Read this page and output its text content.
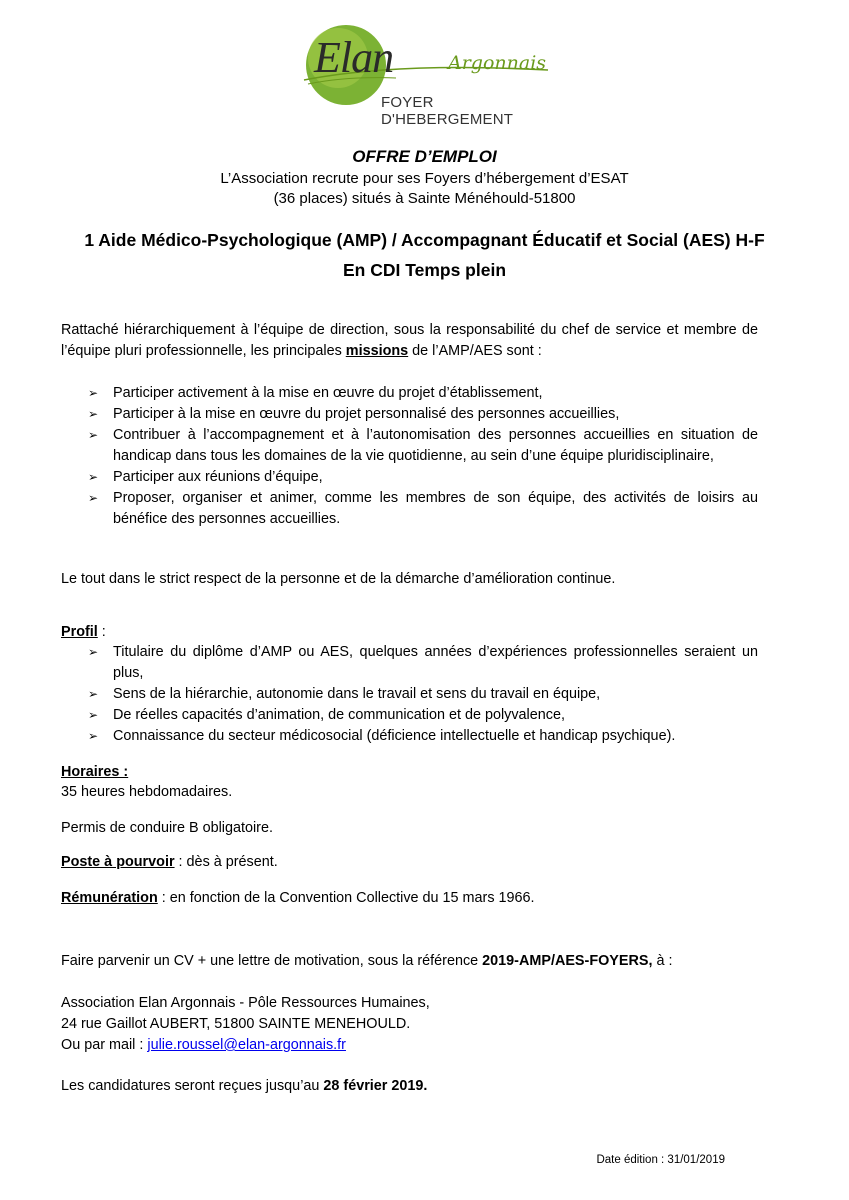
Elan	Argonnais
FOYER D'HEBERGEMENT
OFFRE D’EMPLOI
L’Association recrute pour ses Foyers d’hébergement d’ESAT
(36 places) situés à Sainte Ménéhould-51800
1 Aide Médico-Psychologique (AMP) / Accompagnant Éducatif et Social (AES) H-F
En CDI Temps plein
Rattaché hiérarchiquement à l’équipe de direction, sous la responsabilité du chef de service et membre de l’équipe pluri professionnelle, les principales missions de l’AMP/AES sont :
➢ Participer activement à la mise en œuvre du projet d’établissement,
➢ Participer à la mise en œuvre du projet personnalisé des personnes accueillies,
➢ Contribuer à l’accompagnement et à l’autonomisation des personnes accueillies en situation de handicap dans tous les domaines de la vie quotidienne, au sein d’une équipe pluridisciplinaire,
➢ Participer aux réunions d’équipe,
➢ Proposer, organiser et animer, comme les membres de son équipe, des activités de loisirs au bénéfice des personnes accueillies.
Le tout dans le strict respect de la personne et de la démarche d’amélioration continue.
Profil :
➢ Titulaire du diplôme d’AMP ou AES, quelques années d’expériences professionnelles seraient un plus,
➢ Sens de la hiérarchie, autonomie dans le travail et sens du travail en équipe,
➢ De réelles capacités d’animation, de communication et de polyvalence,
➢ Connaissance du secteur médicosocial (déficience intellectuelle et handicap psychique).
Horaires :
35 heures hebdomadaires.
Permis de conduire B obligatoire.
Poste à pourvoir : dès à présent.
Rémunération : en fonction de la Convention Collective du 15 mars 1966.
Faire parvenir un CV + une lettre de motivation, sous la référence 2019-AMP/AES-FOYERS, à :
Association Elan Argonnais - Pôle Ressources Humaines,
24 rue Gaillot AUBERT, 51800 SAINTE MENEHOULD.
Ou par mail : julie.roussel@elan-argonnais.fr
Les candidatures seront reçues jusqu’au 28 février 2019.
Date édition : 31/01/2019
